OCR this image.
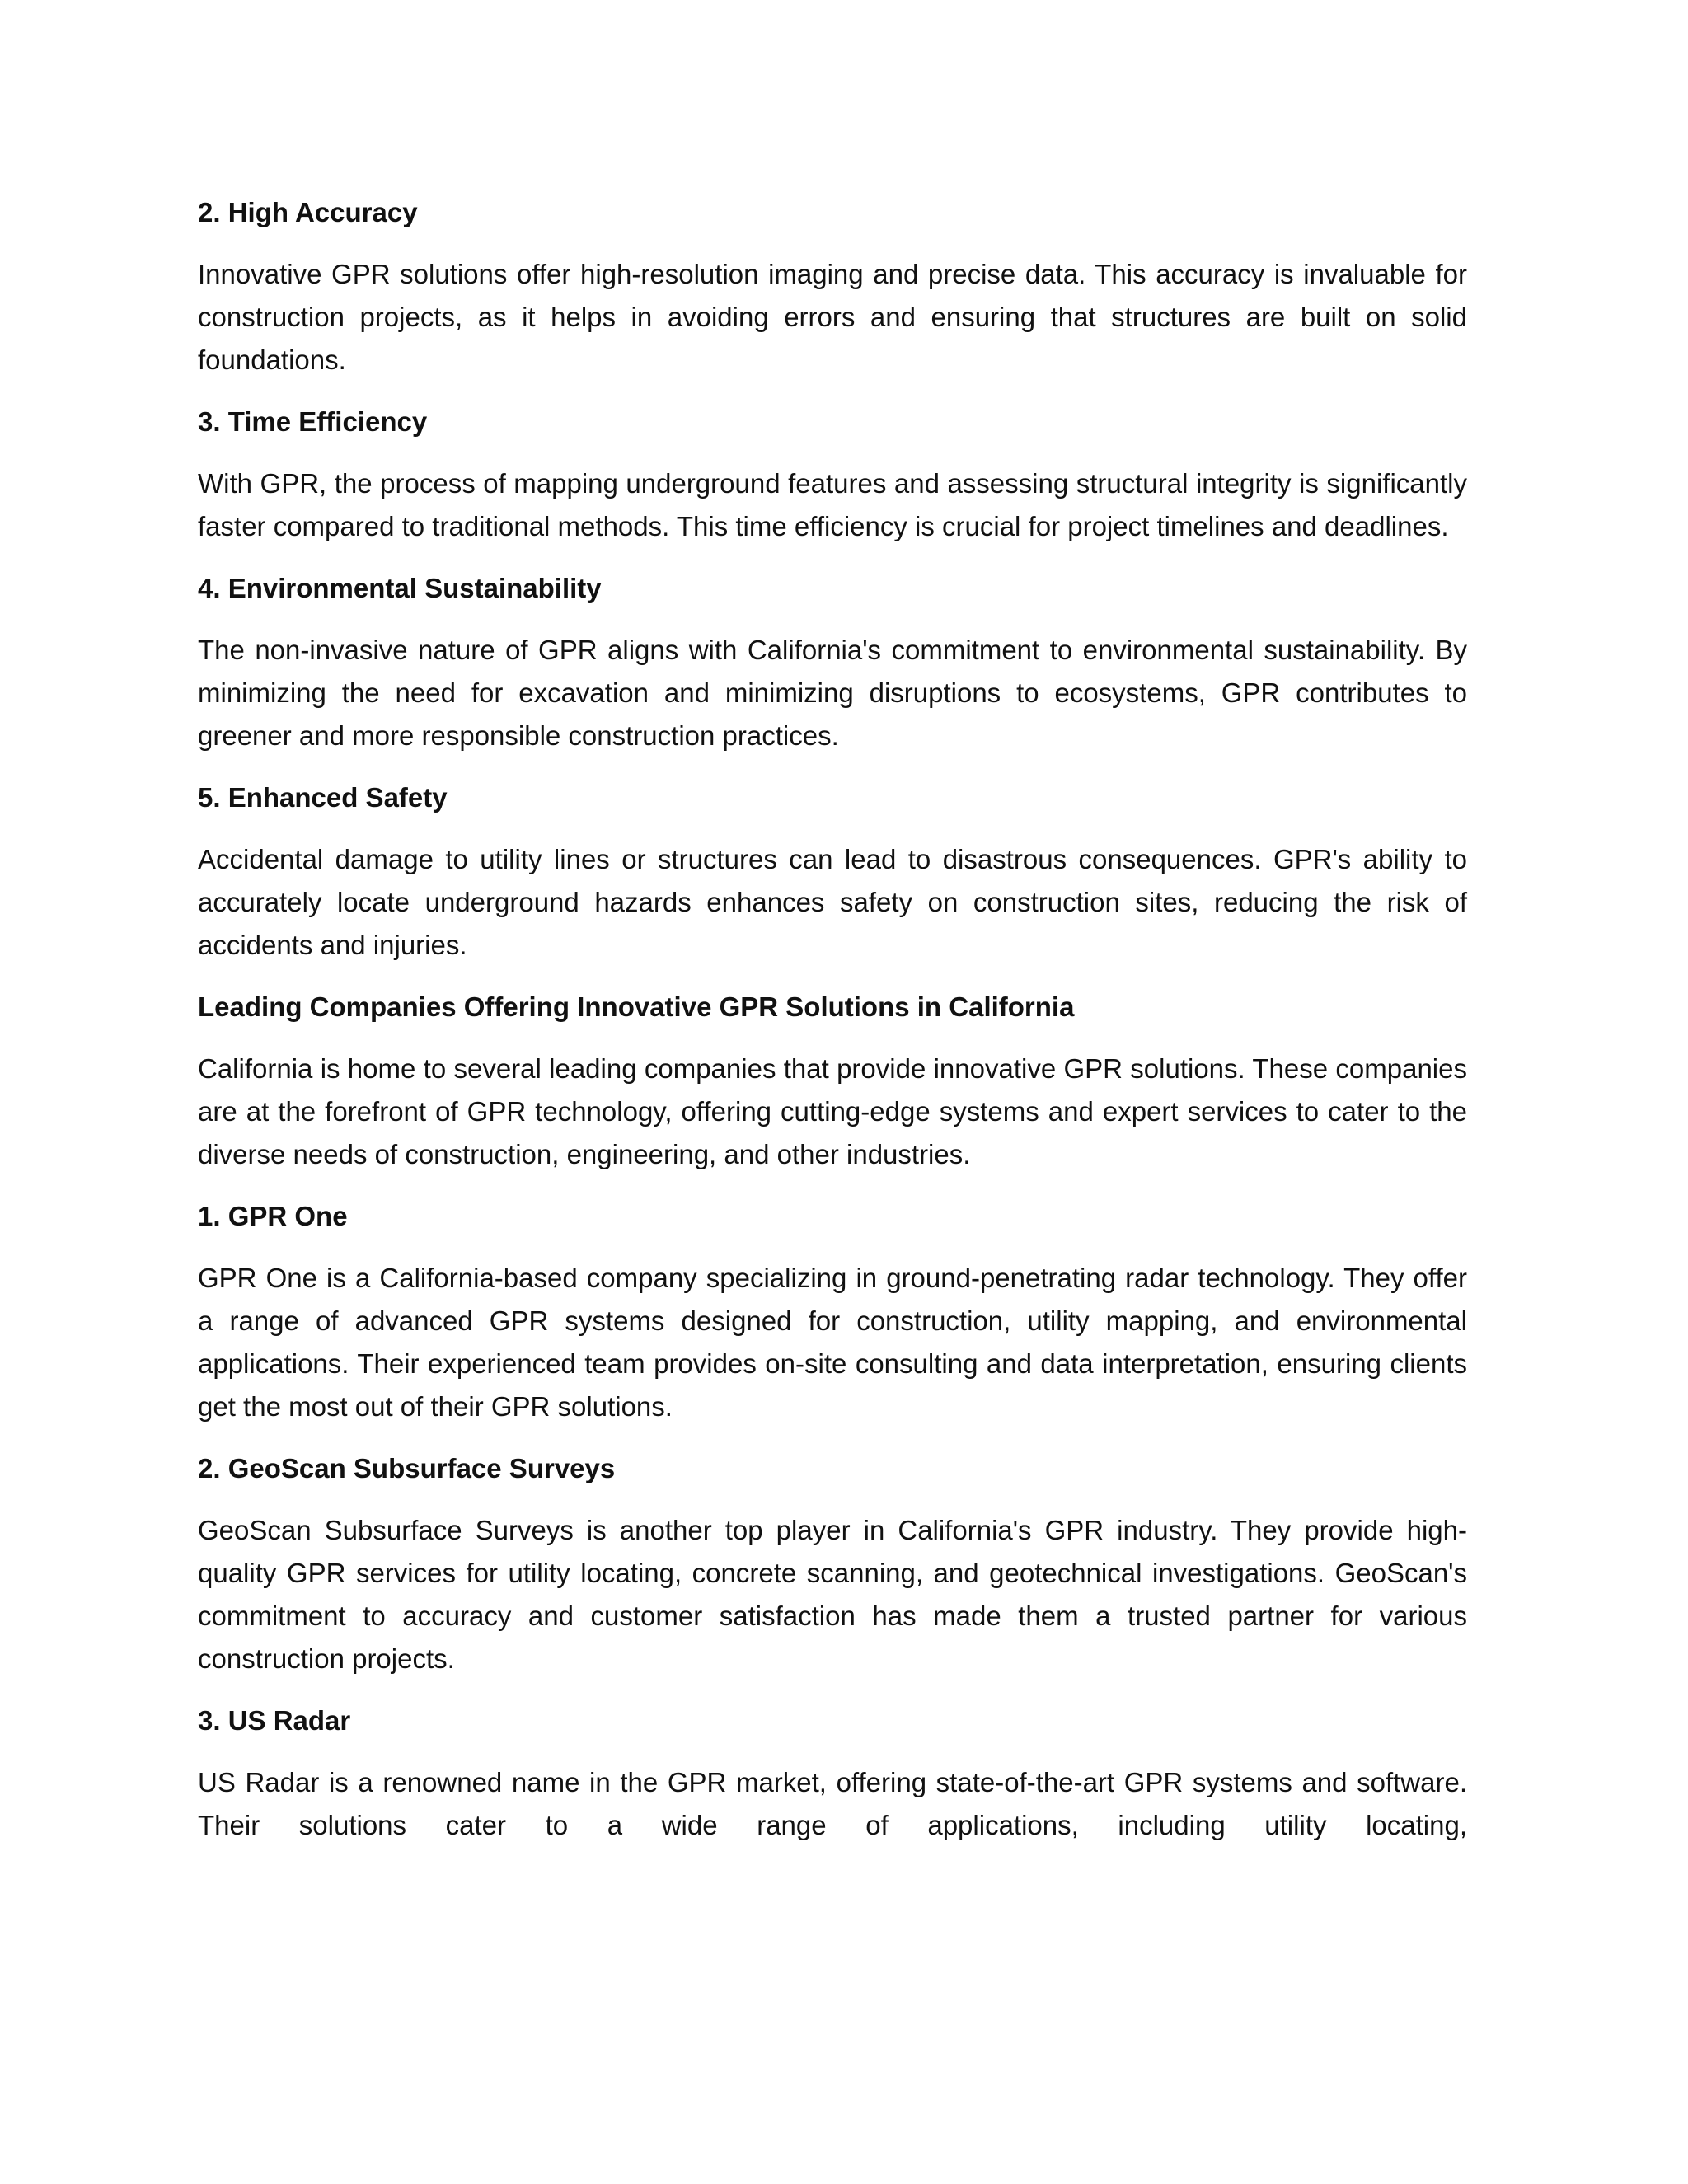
2. High Accuracy

Innovative GPR solutions offer high-resolution imaging and precise data. This accuracy is invaluable for construction projects, as it helps in avoiding errors and ensuring that structures are built on solid foundations.

3. Time Efficiency

With GPR, the process of mapping underground features and assessing structural integrity is significantly faster compared to traditional methods. This time efficiency is crucial for project timelines and deadlines.

4. Environmental Sustainability

The non-invasive nature of GPR aligns with California's commitment to environmental sustainability. By minimizing the need for excavation and minimizing disruptions to ecosystems, GPR contributes to greener and more responsible construction practices.

5. Enhanced Safety

Accidental damage to utility lines or structures can lead to disastrous consequences. GPR's ability to accurately locate underground hazards enhances safety on construction sites, reducing the risk of accidents and injuries.

Leading Companies Offering Innovative GPR Solutions in California

California is home to several leading companies that provide innovative GPR solutions. These companies are at the forefront of GPR technology, offering cutting-edge systems and expert services to cater to the diverse needs of construction, engineering, and other industries.

1. GPR One

GPR One is a California-based company specializing in ground-penetrating radar technology. They offer a range of advanced GPR systems designed for construction, utility mapping, and environmental applications. Their experienced team provides on-site consulting and data interpretation, ensuring clients get the most out of their GPR solutions.

2. GeoScan Subsurface Surveys

GeoScan Subsurface Surveys is another top player in California's GPR industry. They provide high-quality GPR services for utility locating, concrete scanning, and geotechnical investigations. GeoScan's commitment to accuracy and customer satisfaction has made them a trusted partner for various construction projects.

3. US Radar

US Radar is a renowned name in the GPR market, offering state-of-the-art GPR systems and software. Their solutions cater to a wide range of applications, including utility locating,
